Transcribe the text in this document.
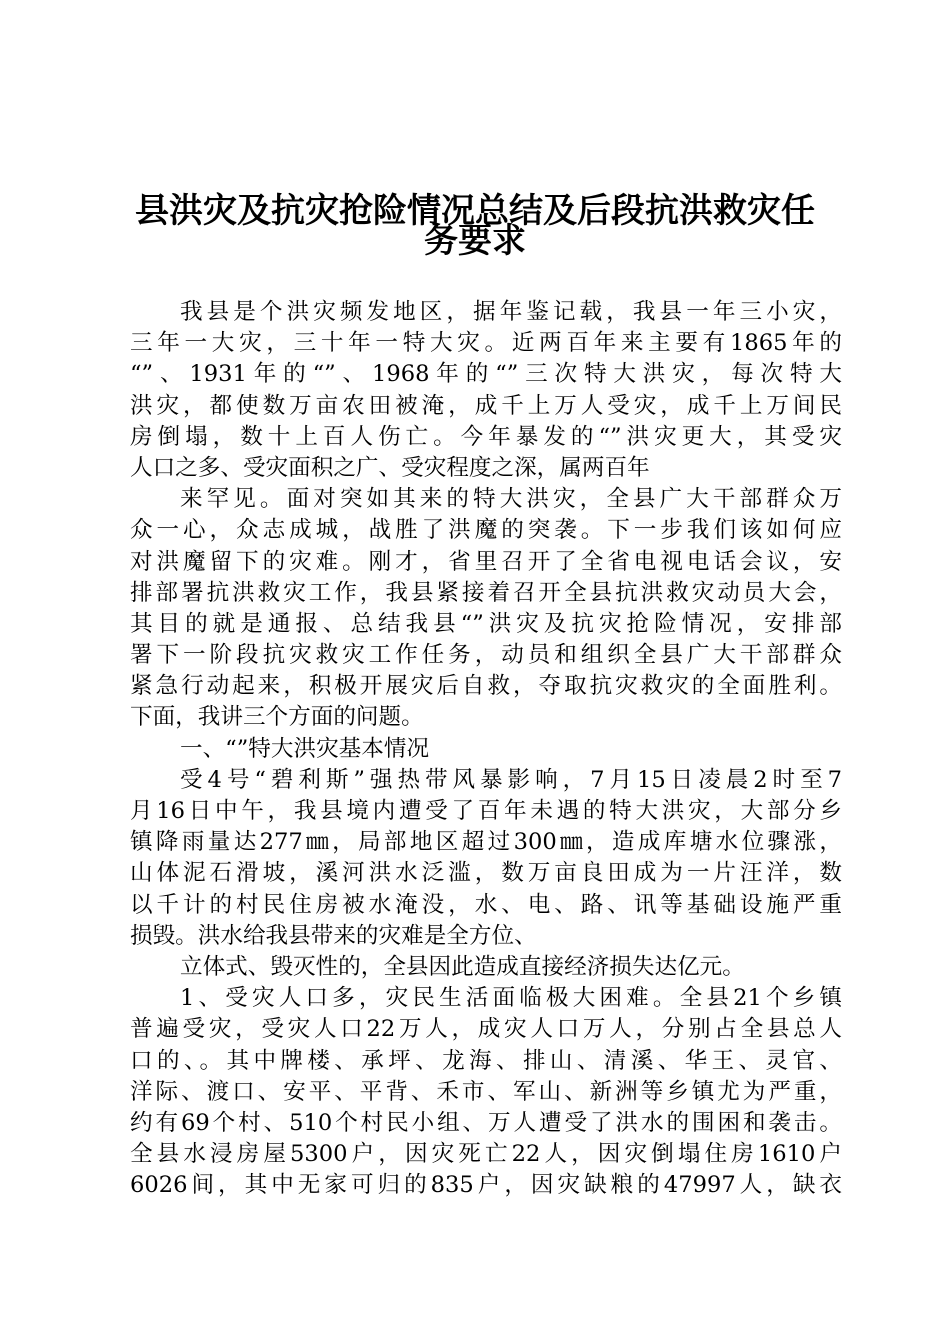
县洪灾及抗灾抢险情况总结及后段抗洪救灾任
务要求
我县是个洪灾频发地区，据年鉴记载，我县一年三小灾，
三年一大灾，三十年一特大灾。近两百年来主要有1865年的
“”、1931年的“”、1968年的“”三次特大洪灾，每次特大
洪灾，都使数万亩农田被淹，成千上万人受灾，成千上万间民
房倒塌，数十上百人伤亡。今年暴发的“”洪灾更大，其受灾
人口之多、受灾面积之广、受灾程度之深，属两百年
来罕见。面对突如其来的特大洪灾，全县广大干部群众万
众一心，众志成城，战胜了洪魔的突袭。下一步我们该如何应
对洪魔留下的灾难。刚才，省里召开了全省电视电话会议，安
排部署抗洪救灾工作，我县紧接着召开全县抗洪救灾动员大会，
其目的就是通报、总结我县“”洪灾及抗灾抢险情况，安排部
署下一阶段抗灾救灾工作任务，动员和组织全县广大干部群众
紧急行动起来，积极开展灾后自救，夺取抗灾救灾的全面胜利。
下面，我讲三个方面的问题。
一、“”特大洪灾基本情况
受4号“碧利斯”强热带风暴影响，7月15日凌晨2时至7
月16日中午，我县境内遭受了百年未遇的特大洪灾，大部分乡
镇降雨量达277㎜，局部地区超过300㎜，造成库塘水位骤涨，
山体泥石滑坡，溪河洪水泛滥，数万亩良田成为一片汪洋，数
以千计的村民住房被水淹没，水、电、路、讯等基础设施严重
损毁。洪水给我县带来的灾难是全方位、
立体式、毁灭性的，全县因此造成直接经济损失达亿元。
1、受灾人口多，灾民生活面临极大困难。全县21个乡镇
普遍受灾，受灾人口22万人，成灾人口万人，分别占全县总人
口的、。其中牌楼、承坪、龙海、排山、清溪、华王、灵官、
洋际、渡口、安平、平背、禾市、军山、新洲等乡镇尤为严重，
约有69个村、510个村民小组、万人遭受了洪水的围困和袭击。
全县水浸房屋5300户，因灾死亡22人，因灾倒塌住房1610户
6026间，其中无家可归的835户，因灾缺粮的47997人，缺衣
